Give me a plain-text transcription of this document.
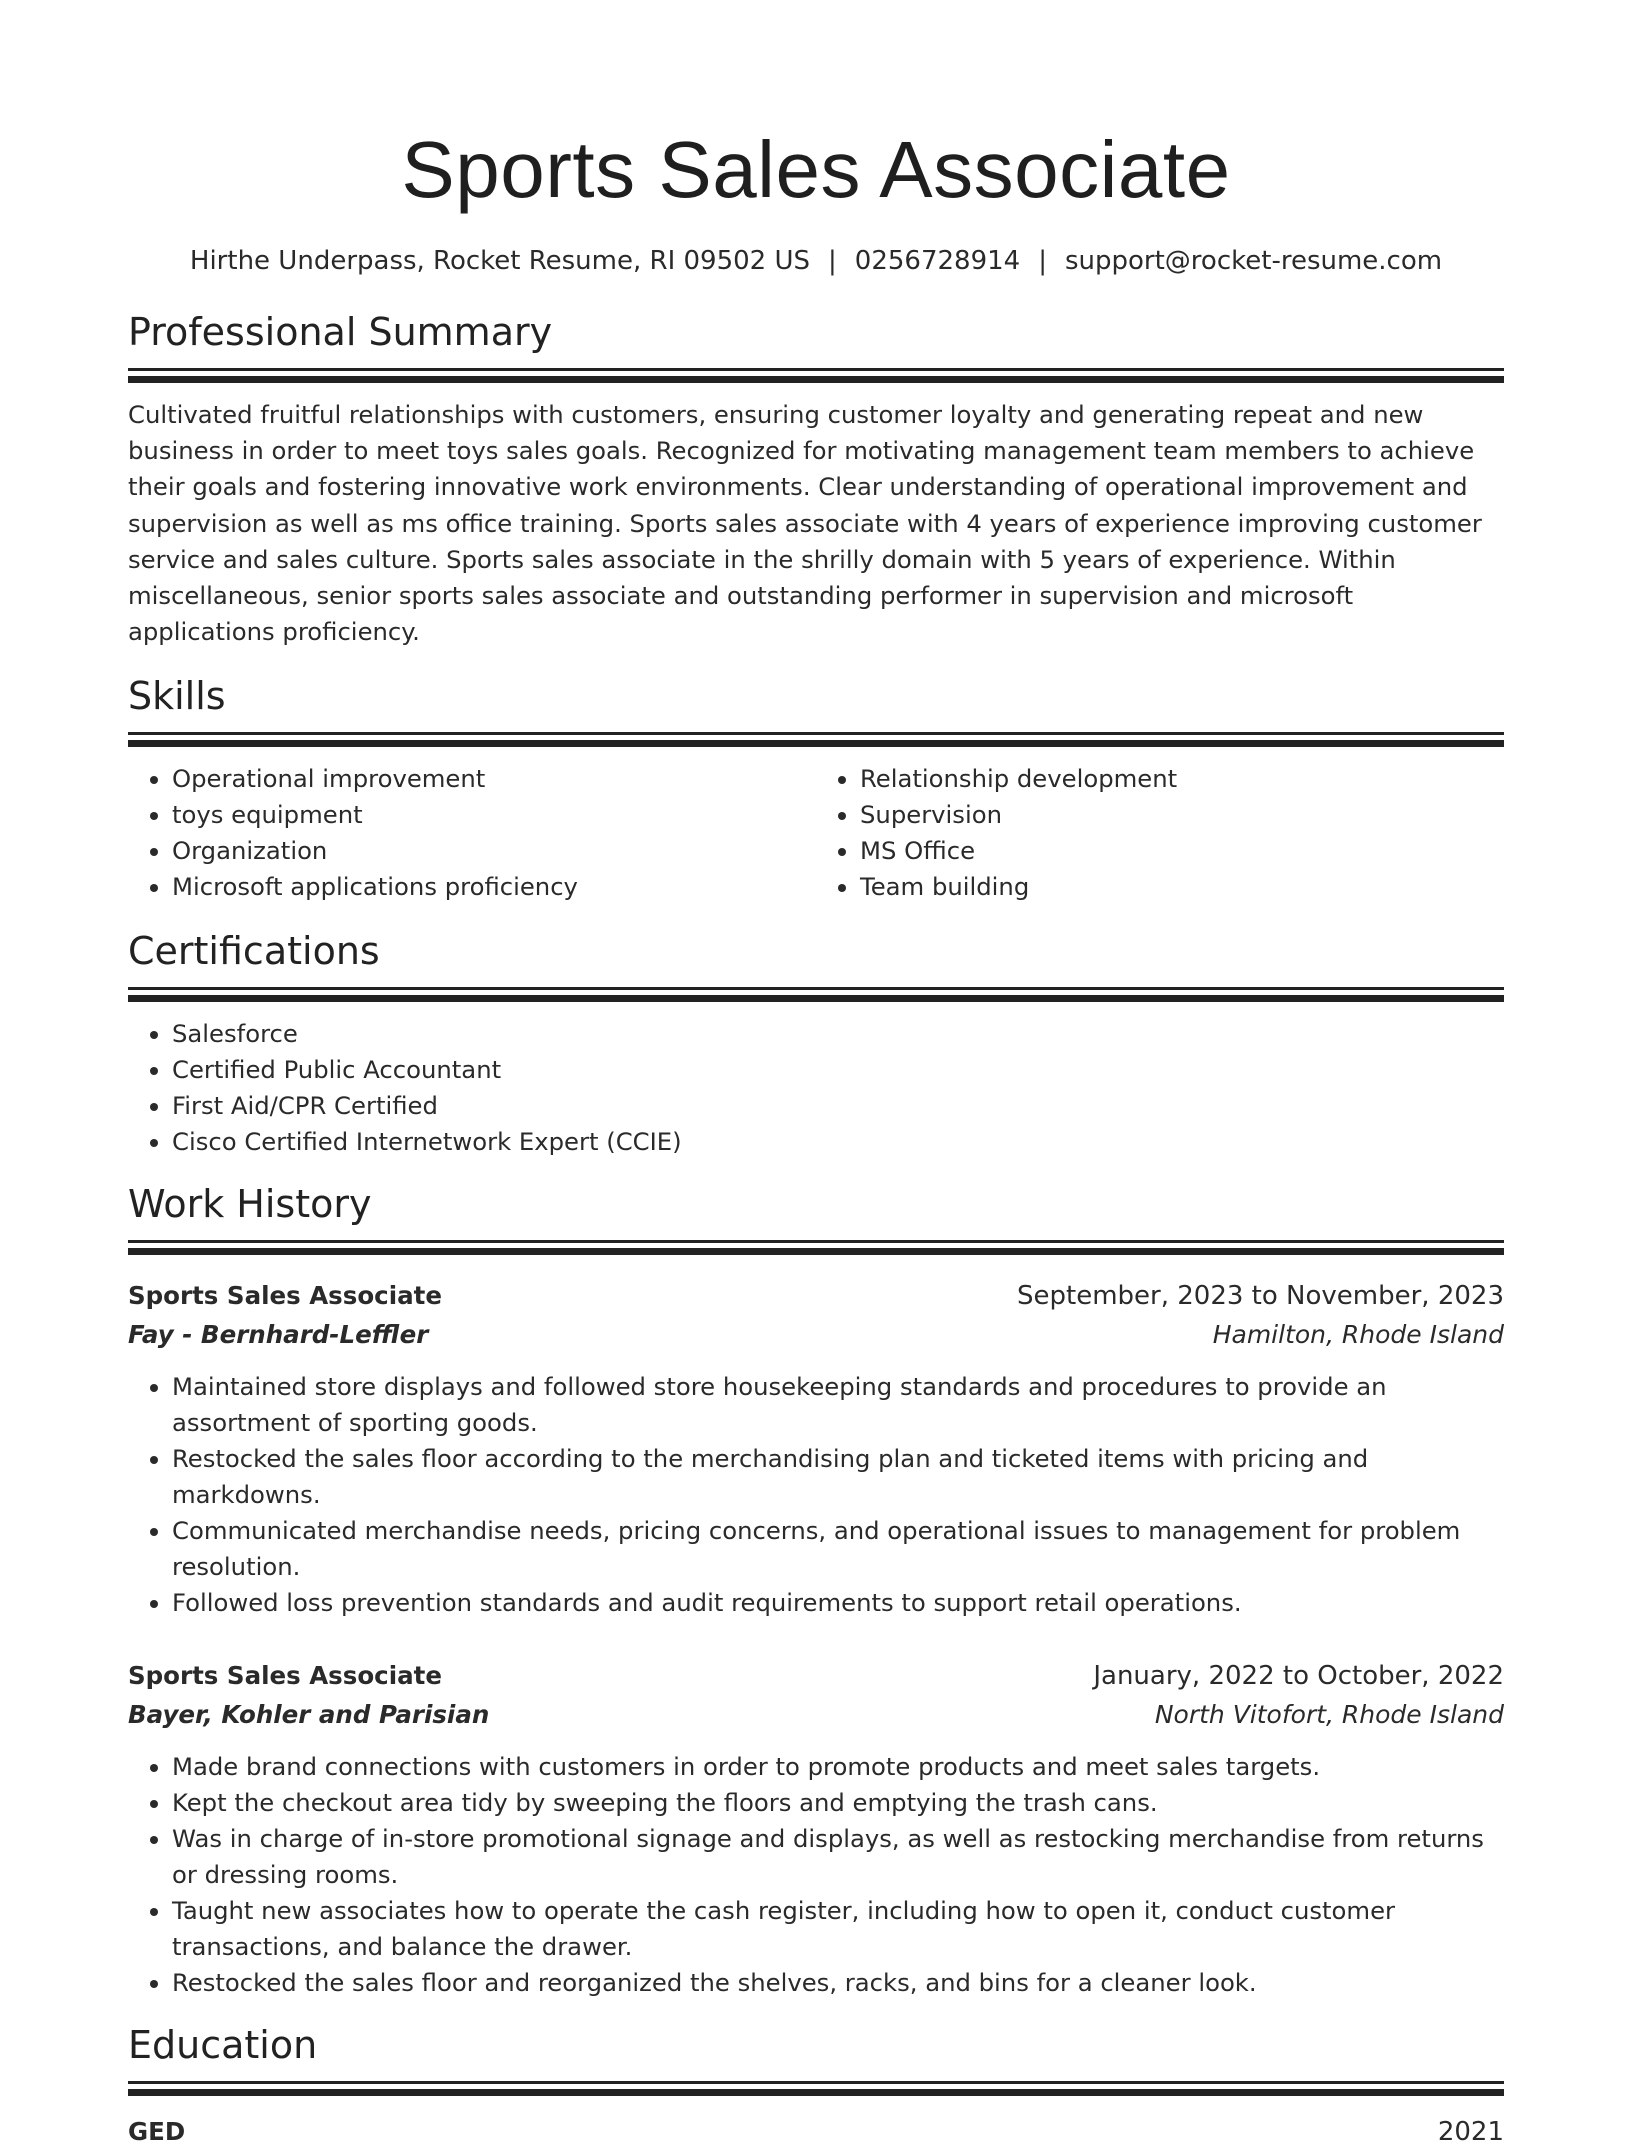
Sports Sales Associate
Hirthe Underpass, Rocket Resume, RI 09502 US | 0256728914 | support@rocket-resume.com
Professional Summary
Cultivated fruitful relationships with customers, ensuring customer loyalty and generating repeat and new business in order to meet toys sales goals. Recognized for motivating management team members to achieve their goals and fostering innovative work environments. Clear understanding of operational improvement and supervision as well as ms office training. Sports sales associate with 4 years of experience improving customer service and sales culture. Sports sales associate in the shrilly domain with 5 years of experience. Within miscellaneous, senior sports sales associate and outstanding performer in supervision and microsoft applications proficiency.
Skills
• Operational improvement
• toys equipment
• Organization
• Microsoft applications proficiency
• Relationship development
• Supervision
• MS Office
• Team building
Certifications
• Salesforce
• Certified Public Accountant
• First Aid/CPR Certified
• Cisco Certified Internetwork Expert (CCIE)
Work History
Sports Sales Associate	September, 2023 to November, 2023
Fay - Bernhard-Leffler	Hamilton, Rhode Island
• Maintained store displays and followed store housekeeping standards and procedures to provide an assortment of sporting goods.
• Restocked the sales floor according to the merchandising plan and ticketed items with pricing and markdowns.
• Communicated merchandise needs, pricing concerns, and operational issues to management for problem resolution.
• Followed loss prevention standards and audit requirements to support retail operations.
Sports Sales Associate	January, 2022 to October, 2022
Bayer, Kohler and Parisian	North Vitofort, Rhode Island
• Made brand connections with customers in order to promote products and meet sales targets.
• Kept the checkout area tidy by sweeping the floors and emptying the trash cans.
• Was in charge of in-store promotional signage and displays, as well as restocking merchandise from returns or dressing rooms.
• Taught new associates how to operate the cash register, including how to open it, conduct customer transactions, and balance the drawer.
• Restocked the sales floor and reorganized the shelves, racks, and bins for a cleaner look.
Education
GED	2021
